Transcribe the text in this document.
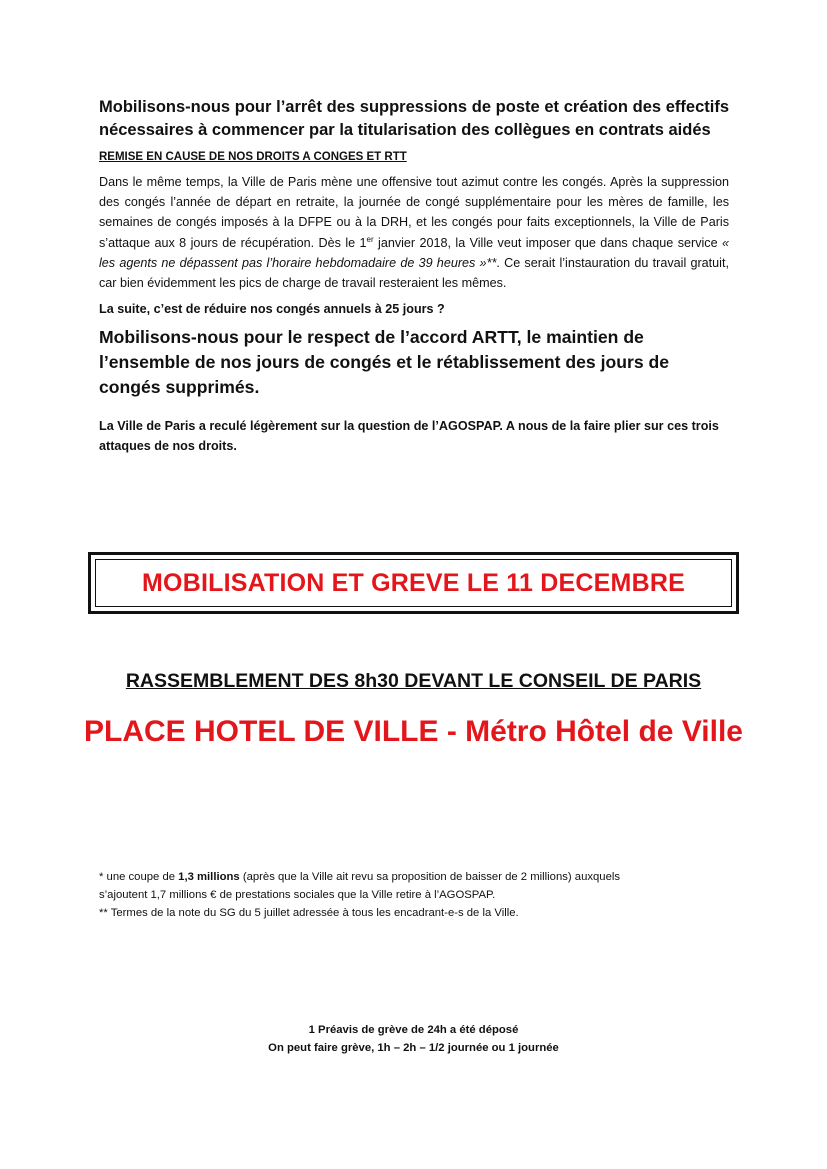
Mobilisons-nous pour l’arrêt des suppressions de poste et création des effectifs nécessaires à commencer par la titularisation des collègues en contrats aidés

REMISE EN CAUSE DE NOS DROITS A CONGES ET RTT

Dans le même temps, la Ville de Paris mène une offensive tout azimut contre les congés. Après la suppression des congés l’année de départ en retraite, la journée de congé supplémentaire pour les mères de famille, les semaines de congés imposés à la DFPE ou à la DRH, et les congés pour faits exceptionnels, la Ville de Paris s’attaque aux 8 jours de récupération. Dès le 1er janvier 2018, la Ville veut imposer que dans chaque service « les agents ne dépassent pas l’horaire hebdomadaire de 39 heures »**. Ce serait l’instauration du travail gratuit, car bien évidemment les pics de charge de travail resteraient les mêmes.

La suite, c’est de réduire nos congés annuels à 25 jours ?

Mobilisons-nous pour le respect de l’accord ARTT, le maintien de l’ensemble de nos jours de congés et le rétablissement des jours de congés supprimés.

La Ville de Paris a reculé légèrement sur la question de l’AGOSPAP. A nous de la faire plier sur ces trois attaques de nos droits.

MOBILISATION ET GREVE LE 11 DECEMBRE
RASSEMBLEMENT DES 8h30 DEVANT LE CONSEIL DE PARIS
PLACE HOTEL DE VILLE - Métro Hôtel de Ville

* une coupe de 1,3 millions (après que la Ville ait revu sa proposition de baisser de 2 millions) auxquels

s’ajoutent 1,7 millions € de prestations sociales que la Ville retire à l’AGOSPAP.

** Termes de la note du SG du 5 juillet adressée à tous les encadrant-e-s de la Ville.

1 Préavis de grève de 24h a été déposé

On peut faire grève, 1h – 2h – 1/2 journée ou 1 journée
